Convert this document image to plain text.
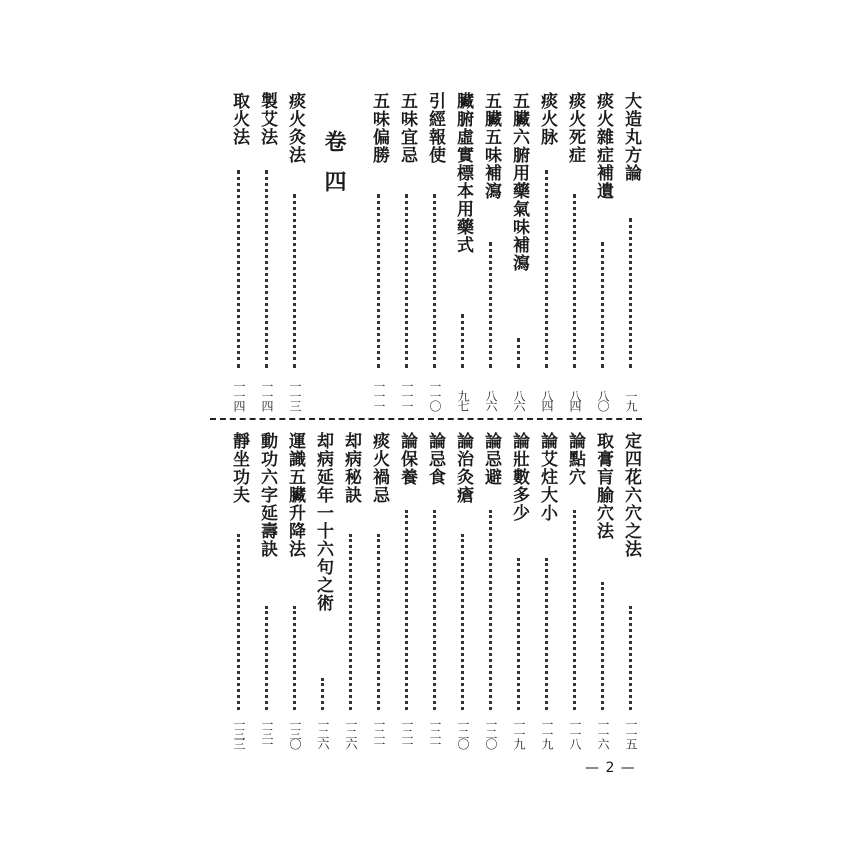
大造丸方論
一九
痰火雜症補遺
八〇
痰火死症
八四
痰火脉
八四
五臟六腑用藥氣味補瀉
八六
五臟五味補瀉
八六
臟腑虛實標本用藥式
九七
引經報使
一一〇
五味宜忌
一一一
五味偏勝
一一一
卷四
痰火灸法
一一三
製艾法
一一四
取火法
一一四
定四花六穴之法
一一五
取膏肓腧穴法
一一六
論點穴
一一八
論艾炷大小
一一九
論壯數多少
一一九
論忌避
一二〇
論治灸瘡
一二〇
論忌食
一二一
論保養
一二一
痰火禍忌
一二一
却病秘訣
一二六
却病延年一十六句之術
一二六
運識五臟升降法
一三〇
動功六字延壽訣
一三一
靜坐功夫
一三三
— 2 —
